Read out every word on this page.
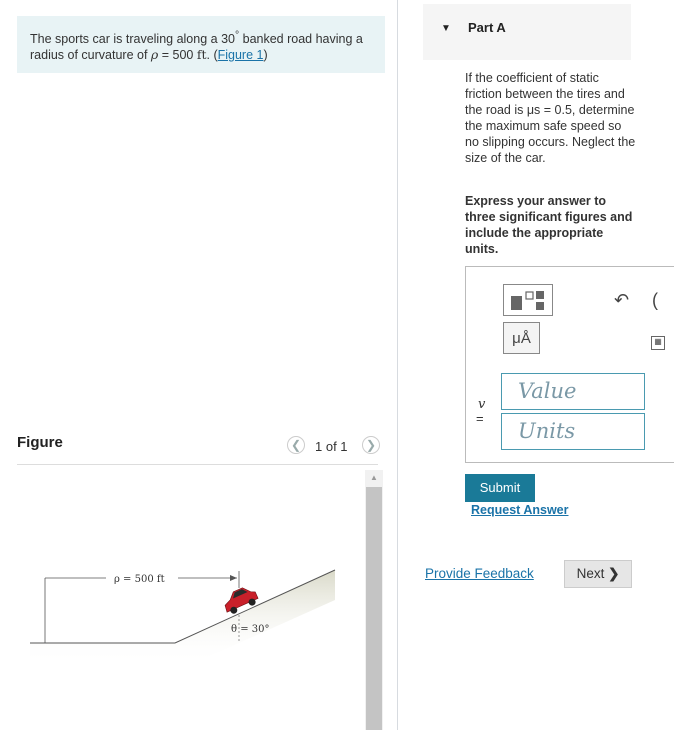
The sports car is traveling along a 30° banked road having a radius of curvature of ρ = 500 ft. (Figure 1)
Figure	❮	1 of 1	❯
ρ = 500 ft
θ = 30°
▲
▼ Part A
If the coefficient of static friction between the tires and the road is μs = 0.5, determine the maximum safe speed so no slipping occurs. Neglect the size of the car.
Express your answer to three significant figures and include the appropriate units.
μÅ
↶ (
▦
v
=
Value
Units
Submit
Request Answer
Provide Feedback	Next ❯
